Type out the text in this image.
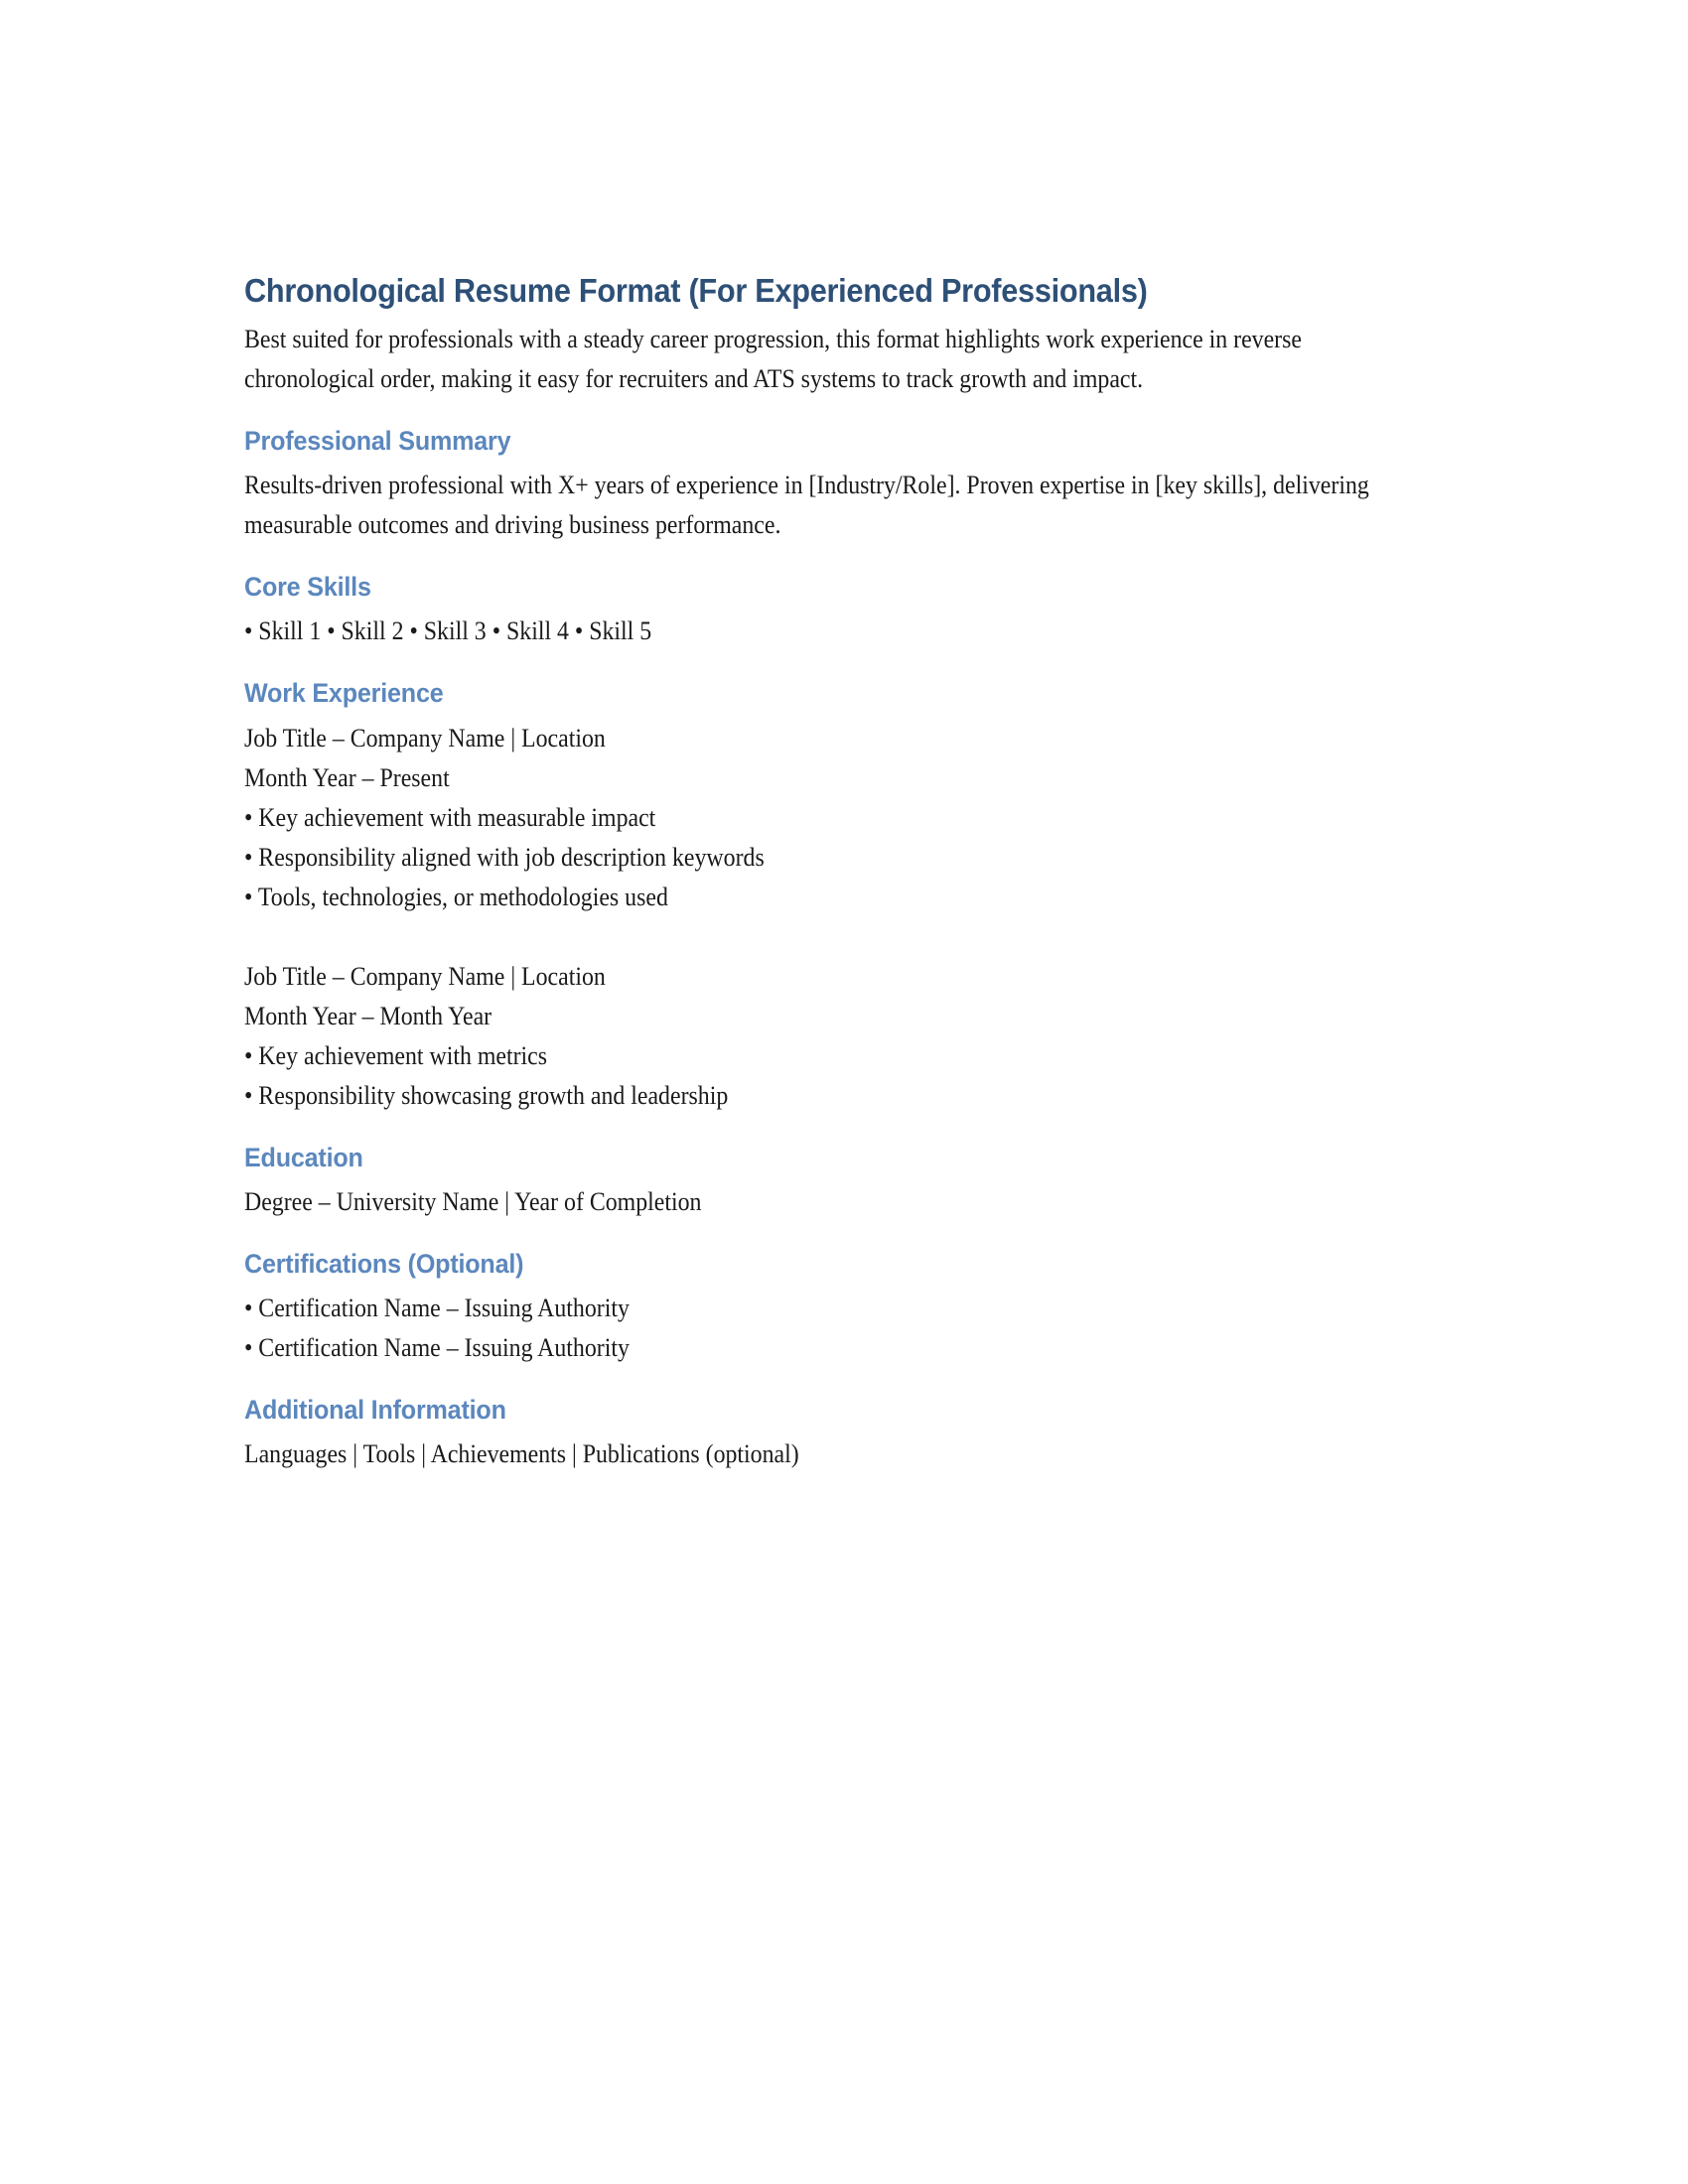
Chronological Resume Format (For Experienced Professionals)

Best suited for professionals with a steady career progression, this format highlights work experience in reverse chronological order, making it easy for recruiters and ATS systems to track growth and impact.

Professional Summary

Results-driven professional with X+ years of experience in [Industry/Role]. Proven expertise in [key skills], delivering measurable outcomes and driving business performance.

Core Skills
• Skill 1 • Skill 2 • Skill 3 • Skill 4 • Skill 5
Work Experience
Job Title – Company Name | Location
Month Year – Present
• Key achievement with measurable impact
• Responsibility aligned with job description keywords
• Tools, technologies, or methodologies used
Job Title – Company Name | Location
Month Year – Month Year
• Key achievement with metrics
• Responsibility showcasing growth and leadership
Education
Degree – University Name | Year of Completion
Certifications (Optional)
• Certification Name – Issuing Authority
• Certification Name – Issuing Authority
Additional Information
Languages | Tools | Achievements | Publications (optional)
